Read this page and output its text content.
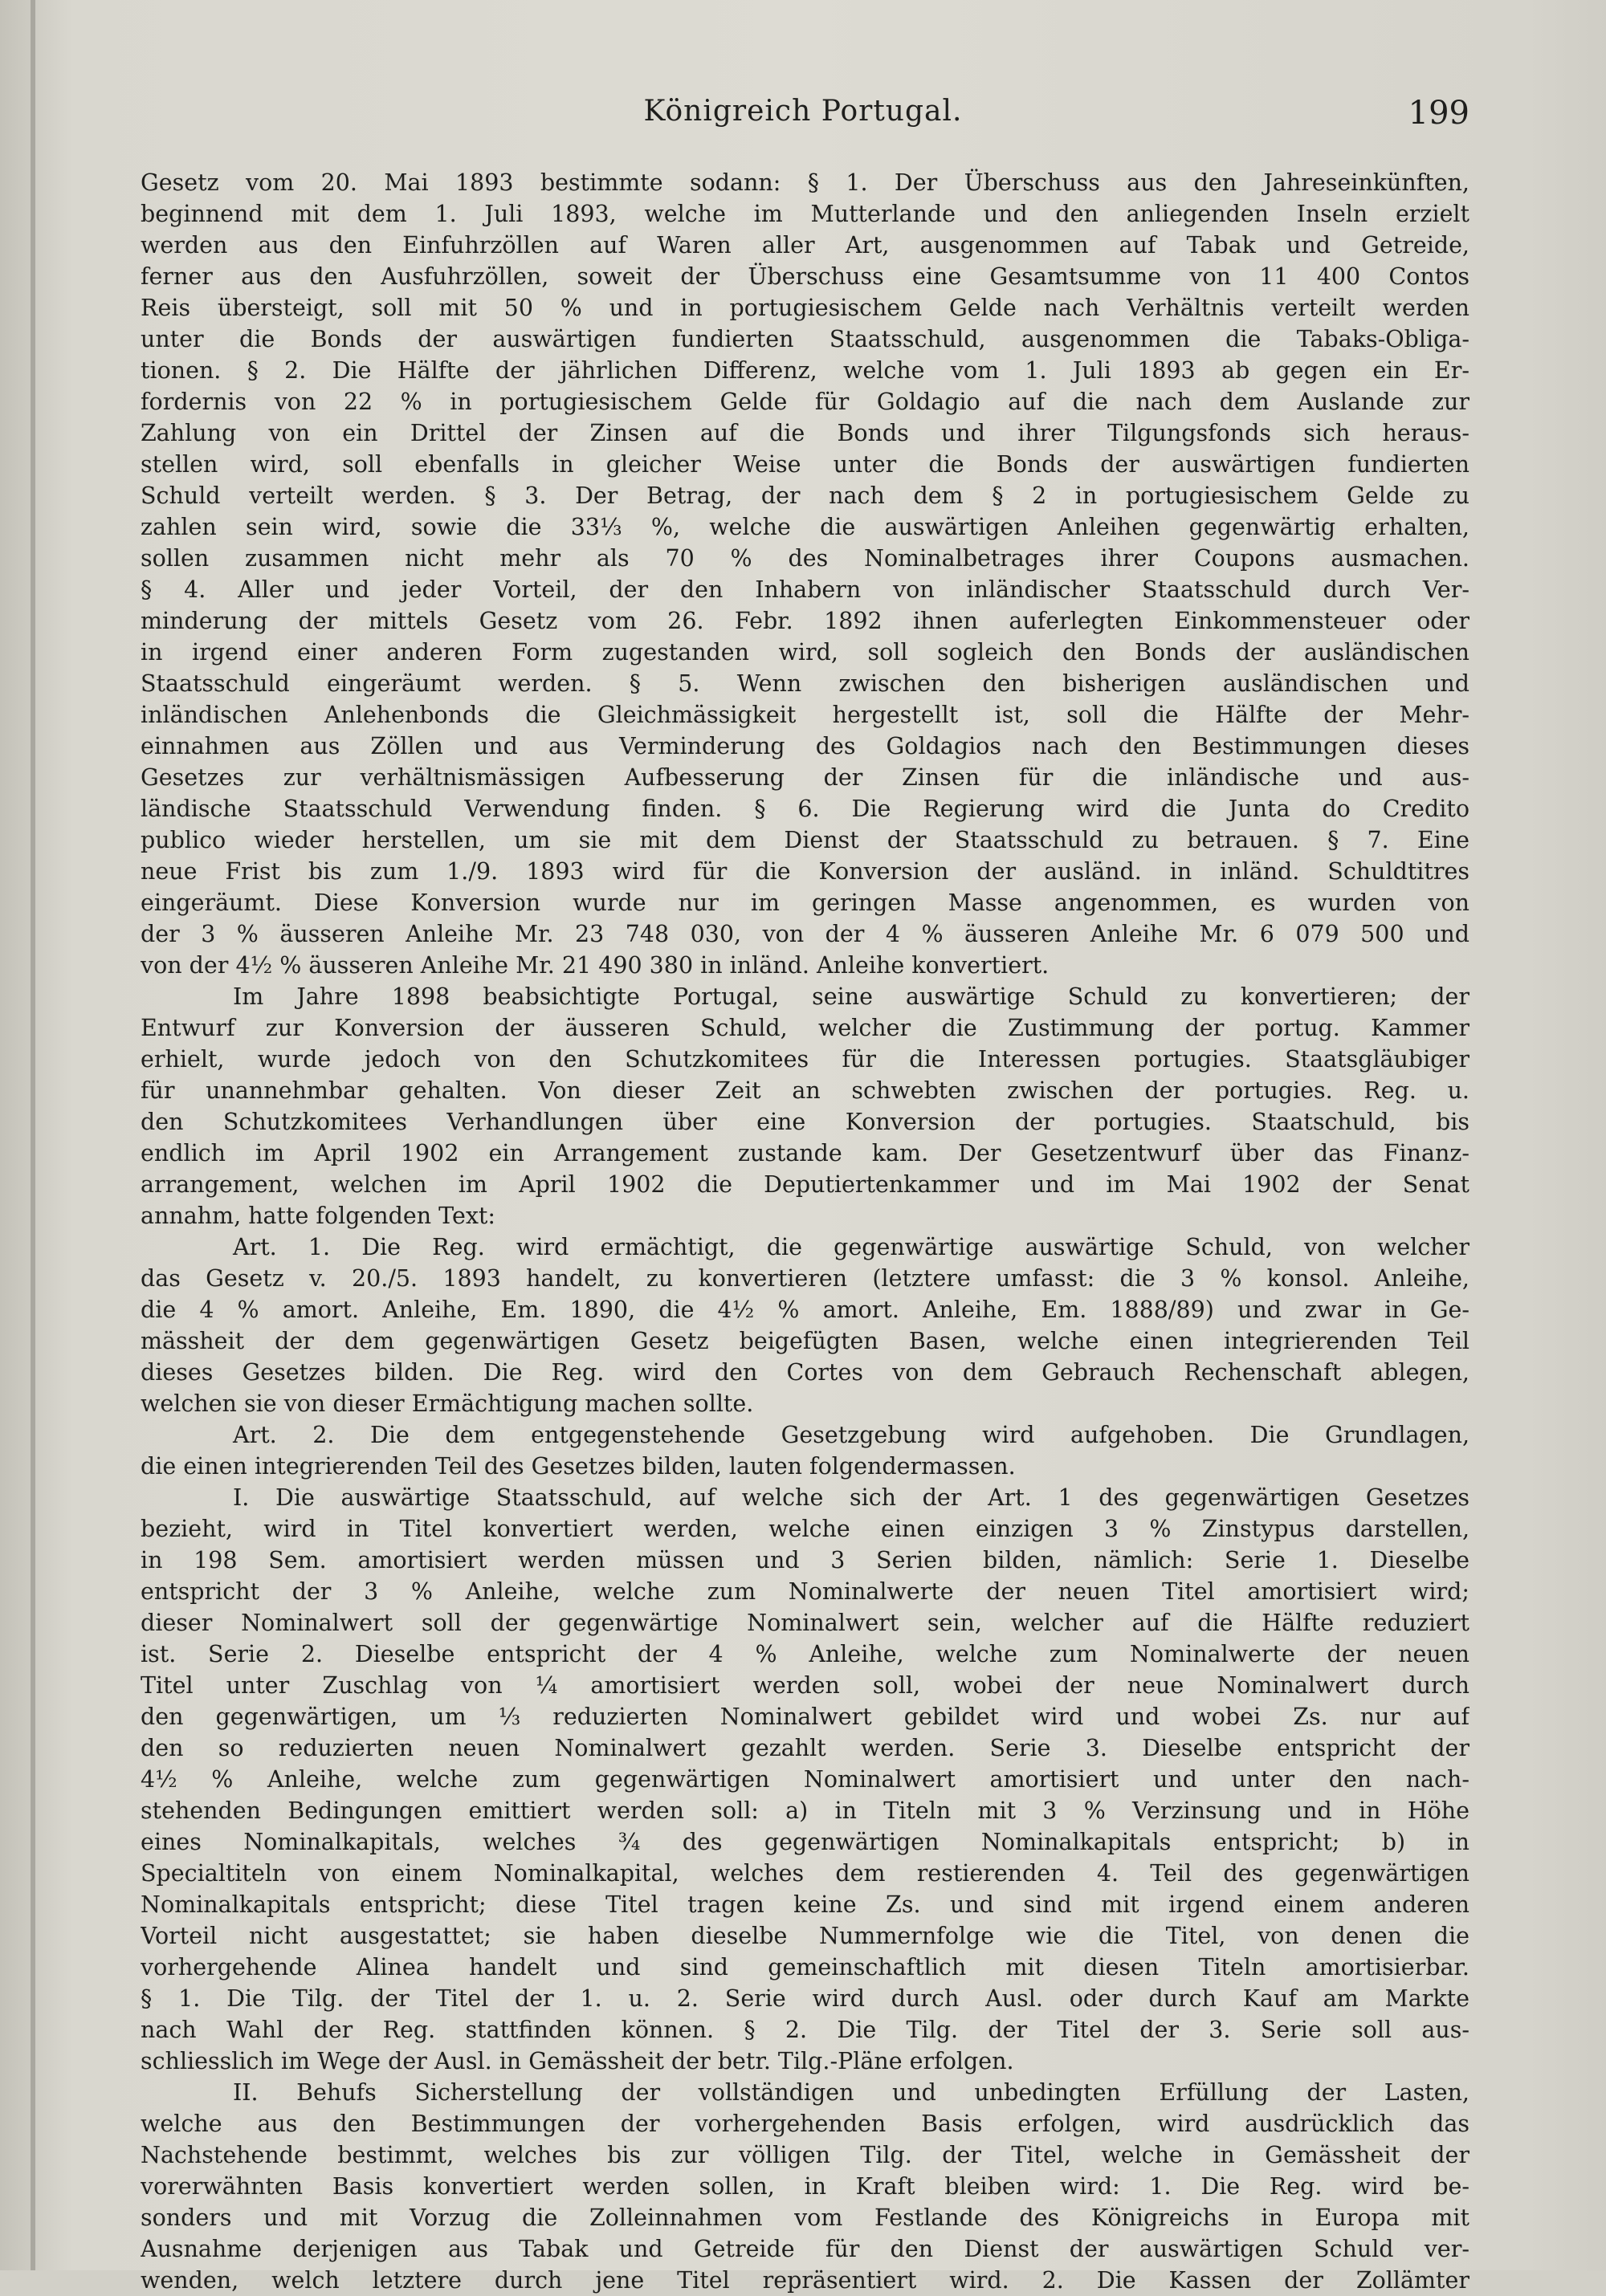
Königreich Portugal.	199
Gesetz vom 20. Mai 1893 bestimmte sodann: § 1. Der Überschuss aus den Jahreseinkünften,
beginnend mit dem 1. Juli 1893, welche im Mutterlande und den anliegenden Inseln erzielt
werden aus den Einfuhrzöllen auf Waren aller Art, ausgenommen auf Tabak und Getreide,
ferner aus den Ausfuhrzöllen, soweit der Überschuss eine Gesamtsumme von 11 400 Contos
Reis übersteigt, soll mit 50 % und in portugiesischem Gelde nach Verhältnis verteilt werden
unter die Bonds der auswärtigen fundierten Staatsschuld, ausgenommen die Tabaks-Obliga-
tionen. § 2. Die Hälfte der jährlichen Differenz, welche vom 1. Juli 1893 ab gegen ein Er-
fordernis von 22 % in portugiesischem Gelde für Goldagio auf die nach dem Auslande zur
Zahlung von ein Drittel der Zinsen auf die Bonds und ihrer Tilgungsfonds sich heraus-
stellen wird, soll ebenfalls in gleicher Weise unter die Bonds der auswärtigen fundierten
Schuld verteilt werden. § 3. Der Betrag, der nach dem § 2 in portugiesischem Gelde zu
zahlen sein wird, sowie die 33⅓ %, welche die auswärtigen Anleihen gegenwärtig erhalten,
sollen zusammen nicht mehr als 70 % des Nominalbetrages ihrer Coupons ausmachen.
§ 4. Aller und jeder Vorteil, der den Inhabern von inländischer Staatsschuld durch Ver-
minderung der mittels Gesetz vom 26. Febr. 1892 ihnen auferlegten Einkommensteuer oder
in irgend einer anderen Form zugestanden wird, soll sogleich den Bonds der ausländischen
Staatsschuld eingeräumt werden. § 5. Wenn zwischen den bisherigen ausländischen und
inländischen Anlehenbonds die Gleichmässigkeit hergestellt ist, soll die Hälfte der Mehr-
einnahmen aus Zöllen und aus Verminderung des Goldagios nach den Bestimmungen dieses
Gesetzes zur verhältnismässigen Aufbesserung der Zinsen für die inländische und aus-
ländische Staatsschuld Verwendung finden. § 6. Die Regierung wird die Junta do Credito
publico wieder herstellen, um sie mit dem Dienst der Staatsschuld zu betrauen. § 7. Eine
neue Frist bis zum 1./9. 1893 wird für die Konversion der ausländ. in inländ. Schuldtitres
eingeräumt. Diese Konversion wurde nur im geringen Masse angenommen, es wurden von
der 3 % äusseren Anleihe Mr. 23 748 030, von der 4 % äusseren Anleihe Mr. 6 079 500 und
von der 4½ % äusseren Anleihe Mr. 21 490 380 in inländ. Anleihe konvertiert.
Im Jahre 1898 beabsichtigte Portugal, seine auswärtige Schuld zu konvertieren; der
Entwurf zur Konversion der äusseren Schuld, welcher die Zustimmung der portug. Kammer
erhielt, wurde jedoch von den Schutzkomitees für die Interessen portugies. Staatsgläubiger
für unannehmbar gehalten. Von dieser Zeit an schwebten zwischen der portugies. Reg. u.
den Schutzkomitees Verhandlungen über eine Konversion der portugies. Staatschuld, bis
endlich im April 1902 ein Arrangement zustande kam. Der Gesetzentwurf über das Finanz-
arrangement, welchen im April 1902 die Deputiertenkammer und im Mai 1902 der Senat
annahm, hatte folgenden Text:
Art. 1. Die Reg. wird ermächtigt, die gegenwärtige auswärtige Schuld, von welcher
das Gesetz v. 20./5. 1893 handelt, zu konvertieren (letztere umfasst: die 3 % konsol. Anleihe,
die 4 % amort. Anleihe, Em. 1890, die 4½ % amort. Anleihe, Em. 1888/89) und zwar in Ge-
mässheit der dem gegenwärtigen Gesetz beigefügten Basen, welche einen integrierenden Teil
dieses Gesetzes bilden. Die Reg. wird den Cortes von dem Gebrauch Rechenschaft ablegen,
welchen sie von dieser Ermächtigung machen sollte.
Art. 2. Die dem entgegenstehende Gesetzgebung wird aufgehoben. Die Grundlagen,
die einen integrierenden Teil des Gesetzes bilden, lauten folgendermassen.
I. Die auswärtige Staatsschuld, auf welche sich der Art. 1 des gegenwärtigen Gesetzes
bezieht, wird in Titel konvertiert werden, welche einen einzigen 3 % Zinstypus darstellen,
in 198 Sem. amortisiert werden müssen und 3 Serien bilden, nämlich: Serie 1. Dieselbe
entspricht der 3 % Anleihe, welche zum Nominalwerte der neuen Titel amortisiert wird;
dieser Nominalwert soll der gegenwärtige Nominalwert sein, welcher auf die Hälfte reduziert
ist. Serie 2. Dieselbe entspricht der 4 % Anleihe, welche zum Nominalwerte der neuen
Titel unter Zuschlag von ¼ amortisiert werden soll, wobei der neue Nominalwert durch
den gegenwärtigen, um ⅓ reduzierten Nominalwert gebildet wird und wobei Zs. nur auf
den so reduzierten neuen Nominalwert gezahlt werden. Serie 3. Dieselbe entspricht der
4½ % Anleihe, welche zum gegenwärtigen Nominalwert amortisiert und unter den nach-
stehenden Bedingungen emittiert werden soll: a) in Titeln mit 3 % Verzinsung und in Höhe
eines Nominalkapitals, welches ¾ des gegenwärtigen Nominalkapitals entspricht; b) in
Specialtiteln von einem Nominalkapital, welches dem restierenden 4. Teil des gegenwärtigen
Nominalkapitals entspricht; diese Titel tragen keine Zs. und sind mit irgend einem anderen
Vorteil nicht ausgestattet; sie haben dieselbe Nummernfolge wie die Titel, von denen die
vorhergehende Alinea handelt und sind gemeinschaftlich mit diesen Titeln amortisierbar.
§ 1. Die Tilg. der Titel der 1. u. 2. Serie wird durch Ausl. oder durch Kauf am Markte
nach Wahl der Reg. stattfinden können. § 2. Die Tilg. der Titel der 3. Serie soll aus-
schliesslich im Wege der Ausl. in Gemässheit der betr. Tilg.-Pläne erfolgen.
II. Behufs Sicherstellung der vollständigen und unbedingten Erfüllung der Lasten,
welche aus den Bestimmungen der vorhergehenden Basis erfolgen, wird ausdrücklich das
Nachstehende bestimmt, welches bis zur völligen Tilg. der Titel, welche in Gemässheit der
vorerwähnten Basis konvertiert werden sollen, in Kraft bleiben wird: 1. Die Reg. wird be-
sonders und mit Vorzug die Zolleinnahmen vom Festlande des Königreichs in Europa mit
Ausnahme derjenigen aus Tabak und Getreide für den Dienst der auswärtigen Schuld ver-
wenden, welch letztere durch jene Titel repräsentiert wird. 2. Die Kassen der Zollämter
